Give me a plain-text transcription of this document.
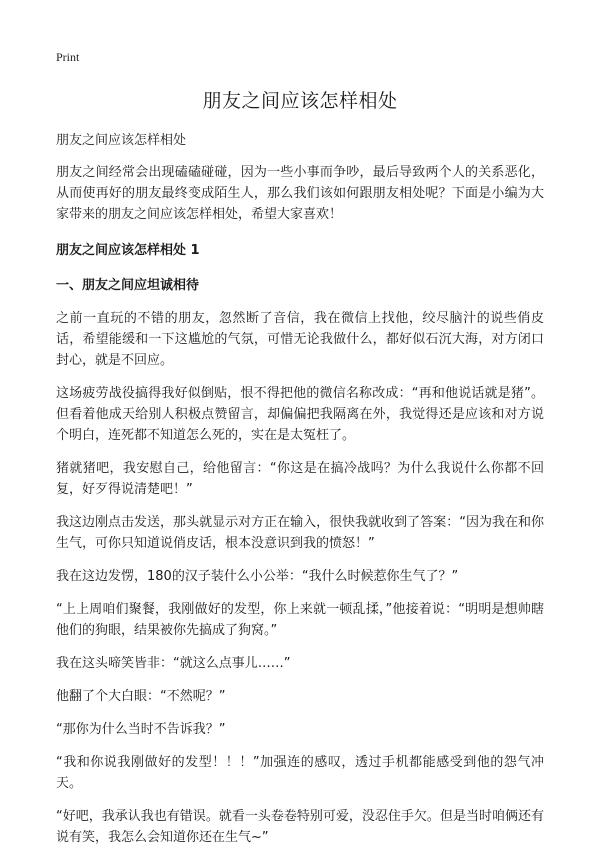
Print
朋友之间应该怎样相处
朋友之间应该怎样相处

朋友之间经常会出现磕磕碰碰，因为一些小事而争吵，最后导致两个人的关系恶化，从而使再好的朋友最终变成陌生人，那么我们该如何跟朋友相处呢？下面是小编为大家带来的朋友之间应该怎样相处，希望大家喜欢！

朋友之间应该怎样相处 1
一、朋友之间应坦诚相待

之前一直玩的不错的朋友，忽然断了音信，我在微信上找他，绞尽脑汁的说些俏皮话，希望能缓和一下这尴尬的气氛，可惜无论我做什么，都好似石沉大海，对方闭口封心，就是不回应。

这场疲劳战役搞得我好似倒贴，恨不得把他的微信名称改成：“再和他说话就是猪”。但看着他成天给别人积极点赞留言，却偏偏把我隔离在外，我觉得还是应该和对方说个明白，连死都不知道怎么死的，实在是太冤枉了。

猪就猪吧，我安慰自己，给他留言：“你这是在搞冷战吗？为什么我说什么你都不回复，好歹得说清楚吧！”

我这边刚点击发送，那头就显示对方正在输入，很快我就收到了答案：“因为我在和你生气，可你只知道说俏皮话，根本没意识到我的愤怒！”

我在这边发愣，180的汉子装什么小公举：“我什么时候惹你生气了？”

“上上周咱们聚餐，我刚做好的发型，你上来就一顿乱揉，”他接着说：“明明是想帅瞎他们的狗眼，结果被你先搞成了狗窝。”

我在这头啼笑皆非：“就这么点事儿……”

他翻了个大白眼：“不然呢？”

“那你为什么当时不告诉我？”

“我和你说我刚做好的发型！！！”加强连的感叹，透过手机都能感受到他的怨气冲天。

“好吧，我承认我也有错误。就看一头卷卷特别可爱，没忍住手欠。但是当时咱俩还有说有笑，我怎么会知道你还在生气~”
